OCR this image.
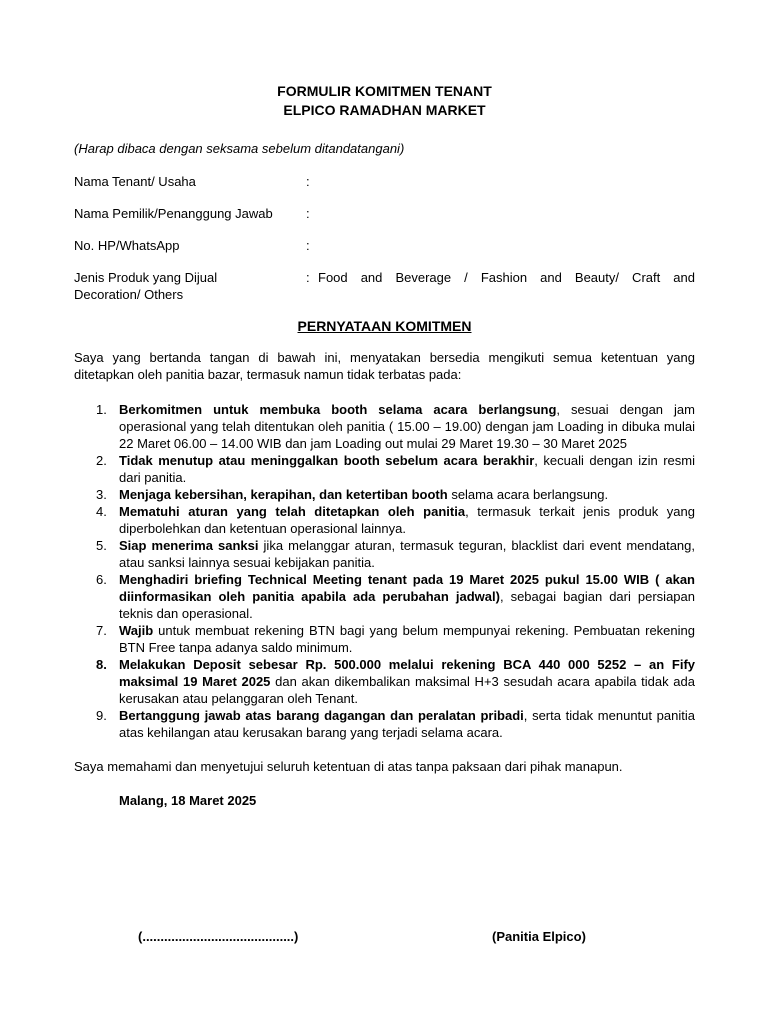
FORMULIR KOMITMEN TENANT
ELPICO RAMADHAN MARKET
(Harap dibaca dengan seksama sebelum ditandatangani)
Nama Tenant/ Usaha	:
Nama Pemilik/Penanggung Jawab	:
No. HP/WhatsApp	:
Jenis Produk yang Dijual	: Food and Beverage / Fashion and Beauty/ Craft and
Decoration/ Others
PERNYATAAN KOMITMEN
Saya yang bertanda tangan di bawah ini, menyatakan bersedia mengikuti semua ketentuan yang ditetapkan oleh panitia bazar, termasuk namun tidak terbatas pada:
1. Berkomitmen untuk membuka booth selama acara berlangsung, sesuai dengan jam operasional yang telah ditentukan oleh panitia ( 15.00 – 19.00) dengan jam Loading in dibuka mulai 22 Maret 06.00 – 14.00 WIB dan jam Loading out mulai 29 Maret 19.30 – 30 Maret 2025
2. Tidak menutup atau meninggalkan booth sebelum acara berakhir, kecuali dengan izin resmi dari panitia.
3. Menjaga kebersihan, kerapihan, dan ketertiban booth selama acara berlangsung.
4. Mematuhi aturan yang telah ditetapkan oleh panitia, termasuk terkait jenis produk yang diperbolehkan dan ketentuan operasional lainnya.
5. Siap menerima sanksi jika melanggar aturan, termasuk teguran, blacklist dari event mendatang, atau sanksi lainnya sesuai kebijakan panitia.
6. Menghadiri briefing Technical Meeting tenant pada 19 Maret 2025 pukul 15.00 WIB ( akan diinformasikan oleh panitia apabila ada perubahan jadwal), sebagai bagian dari persiapan teknis dan operasional.
7. Wajib untuk membuat rekening BTN bagi yang belum mempunyai rekening. Pembuatan rekening BTN Free tanpa adanya saldo minimum.
8. Melakukan Deposit sebesar Rp. 500.000 melalui rekening BCA 440 000 5252 – an Fify maksimal 19 Maret 2025 dan akan dikembalikan maksimal H+3 sesudah acara apabila tidak ada kerusakan atau pelanggaran oleh Tenant.
9. Bertanggung jawab atas barang dagangan dan peralatan pribadi, serta tidak menuntut panitia atas kehilangan atau kerusakan barang yang terjadi selama acara.
Saya memahami dan menyetujui seluruh ketentuan di atas tanpa paksaan dari pihak manapun.
Malang, 18 Maret 2025
(..........................................)	(Panitia Elpico)
